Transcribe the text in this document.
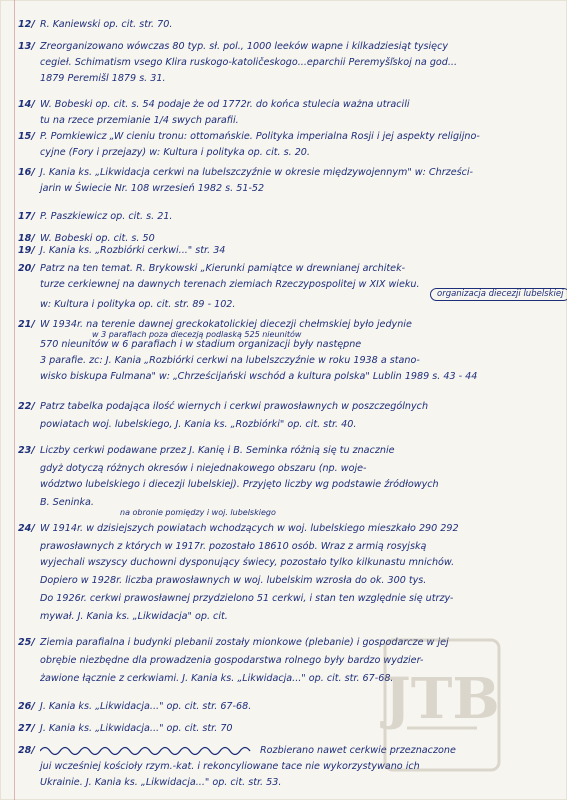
12/ R. Kaniewski op. cit. str. 70.
13/ Zreorganizowano wówczas 80 typ. sł. pol., 1000 leeków wapne i kilkadziesiąt tysięcy
cegieł. Schimatism vsego Klira ruskogo-katoličeskogo...eparchii Peremyšľskoj na god...
1879 Peremišl 1879 s. 31.
14/ W. Bobeski op. cit. s. 54 podaje że od 1772r. do końca stulecia ważna utracili
tu na rzece przemianie 1/4 swych parafii.
15/ P. Pomkiewicz „W cieniu tronu: ottomańskie. Polityka imperialna Rosji i jej aspekty religijno-
cyjne (Fory i przejazy) w: Kultura i polityka op. cit. s. 20.
16/ J. Kania ks. „Likwidacja cerkwi na lubelszczyźnie w okresie międzywojennym" w: Chrześci-
jarin w Świecie Nr. 108 wrzesień 1982 s. 51-52
17/ P. Paszkiewicz op. cit. s. 21.
18/ W. Bobeski op. cit. s. 50
19/ J. Kania ks. „Rozbiórki cerkwi..." str. 34
20/ Patrz na ten temat. R. Brykowski „Kierunki pamiątce w drewnianej architek-
turze cerkiewnej na dawnych terenach ziemiach Rzeczypospolitej w XIX wieku.
w: Kultura i polityka op. cit. str. 89 - 102.
organizacja diecezji lubelskiej
21/ W 1934r. na terenie dawnej greckokatolickiej diecezji chełmskiej było jedynie
570 nieunitów w 6 parafiach i w stadium organizacji były następne
3 parafie. zc: J. Kania „Rozbiórki cerkwi na lubelszczyźnie w roku 1938 a stano-
wisko biskupa Fulmana" w: „Chrześcijański wschód a kultura polska" Lublin 1989 s. 43 - 44
w 3 parafiach poza diecezją podlaską 525 nieunitów
22/ Patrz tabelka podająca ilość wiernych i cerkwi prawosławnych w poszczególnych
powiatach woj. lubelskiego, J. Kania ks. „Rozbiórki" op. cit. str. 40.
23/ Liczby cerkwi podawane przez J. Kanię i B. Seminka różnią się tu znacznie
gdyż dotyczą różnych okresów i niejednakowego obszaru (np. woje-
wództwo lubelskiego i diecezji lubelskiej). Przyjęto liczby wg podstawie źródłowych
B. Seninka.
na obronie pomiędzy i woj. lubelskiego
24/ W 1914r. w dzisiejszych powiatach wchodzących w woj. lubelskiego mieszkało 290 292
prawosławnych z których w 1917r. pozostało 18610 osób. Wraz z armią rosyjską
wyjechali wszyscy duchowni dysponujący świecy, pozostało tylko kilkunastu mnichów.
Dopiero w 1928r. liczba prawosławnych w woj. lubelskim wzrosła do ok. 300 tys.
Do 1926r. cerkwi prawosławnej przydzielono 51 cerkwi, i stan ten względnie się utrzy-
mywał. J. Kania ks. „Likwidacja" op. cit.
25/ Ziemia parafialna i budynki plebanii zostały mionkowe (plebanie) i gospodarcze w jej
obrębie niezbędne dla prowadzenia gospodarstwa rolnego były bardzo wydzier-
żawione łącznie z cerkwiami. J. Kania ks. „Likwidacja..." op. cit. str. 67-68.
26/ J. Kania ks. „Likwidacja..." op. cit. str. 67-68.
27/ J. Kania ks. „Likwidacja..." op. cit. str. 70
28/	Rozbierano nawet cerkwie przeznaczone
jui wcześniej kościoły rzym.-kat. i rekoncyliowane tace nie wykorzystywano ich
Ukrainie. J. Kania ks. „Likwidacja..." op. cit. str. 53.
JTB
